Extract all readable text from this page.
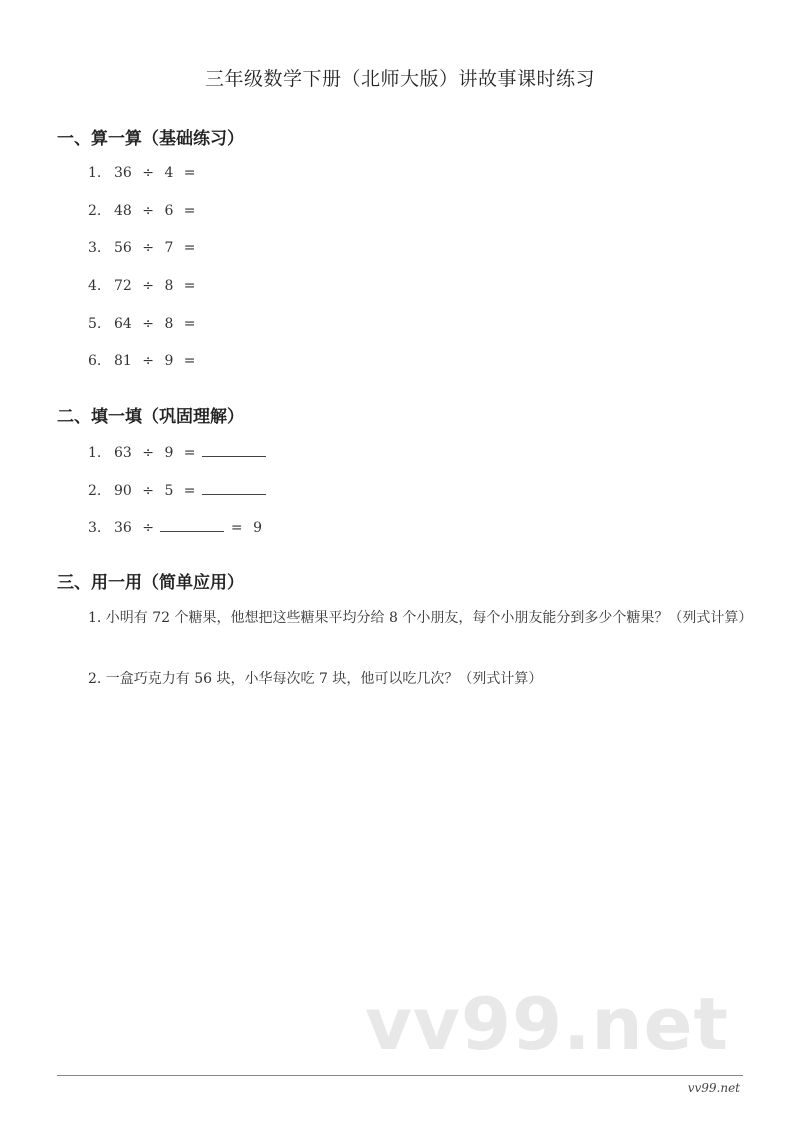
三年级数学下册（北师大版）讲故事课时练习
一、算一算（基础练习）
1. 36 ÷ 4 =
2. 48 ÷ 6 =
3. 56 ÷ 7 =
4. 72 ÷ 8 =
5. 64 ÷ 8 =
6. 81 ÷ 9 =
二、填一填（巩固理解）
1. 63 ÷ 9 =
2. 90 ÷ 5 =
3. 36 ÷	= 9
三、用一用（简单应用）
1. 小明有 72 个糖果，他想把这些糖果平均分给 8 个小朋友，每个小朋友能分到多少个糖果？（列式计算）
2. 一盒巧克力有 56 块，小华每次吃 7 块，他可以吃几次？（列式计算）
vv99.net
vv99.net
